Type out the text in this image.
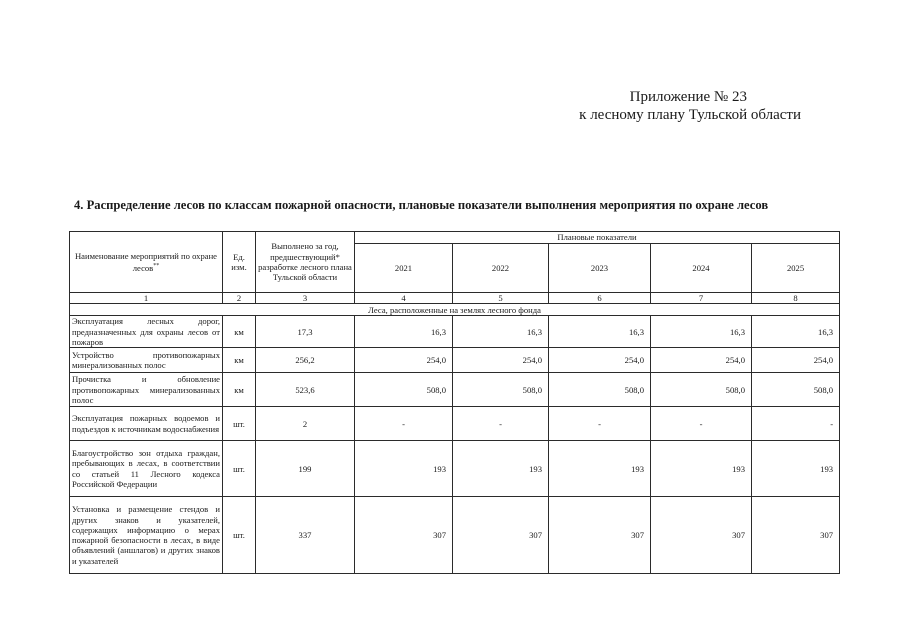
Приложение № 23
к лесному плану Тульской области
4. Распределение лесов по классам пожарной опасности, плановые показатели выполнения мероприятия по охране лесов
Наименование мероприятий по охране лесов**	Ед. изм.	Выполнено за год, предшествующий* разработке лесного плана Тульской области	Плановые показатели				
			2021	2022	2023	2024	2025
1	2	3	4	5	6	7	8
Леса, расположенные на землях лесного фонда							
Эксплуатация лесных дорог, предназначенных для охраны лесов от пожаров	км	17,3	16,3	16,3	16,3	16,3	16,3
Устройство противопожарных минерализованных полос	км	256,2	254,0	254,0	254,0	254,0	254,0
Прочистка и обновление противопожарных минерализованных полос	км	523,6	508,0	508,0	508,0	508,0	508,0
Эксплуатация пожарных водоемов и подъездов к источникам водоснабжения	шт.	2	-	-	-	-	-
Благоустройство зон отдыха граждан, пребывающих в лесах, в соответствии со статьей 11 Лесного кодекса Российской Федерации	шт.	199	193	193	193	193	193
Установка и размещение стендов и других знаков и указателей, содержащих информацию о мерах пожарной безопасности в лесах, в виде объявлений (аншлагов) и других знаков и указателей	шт.	337	307	307	307	307	307
